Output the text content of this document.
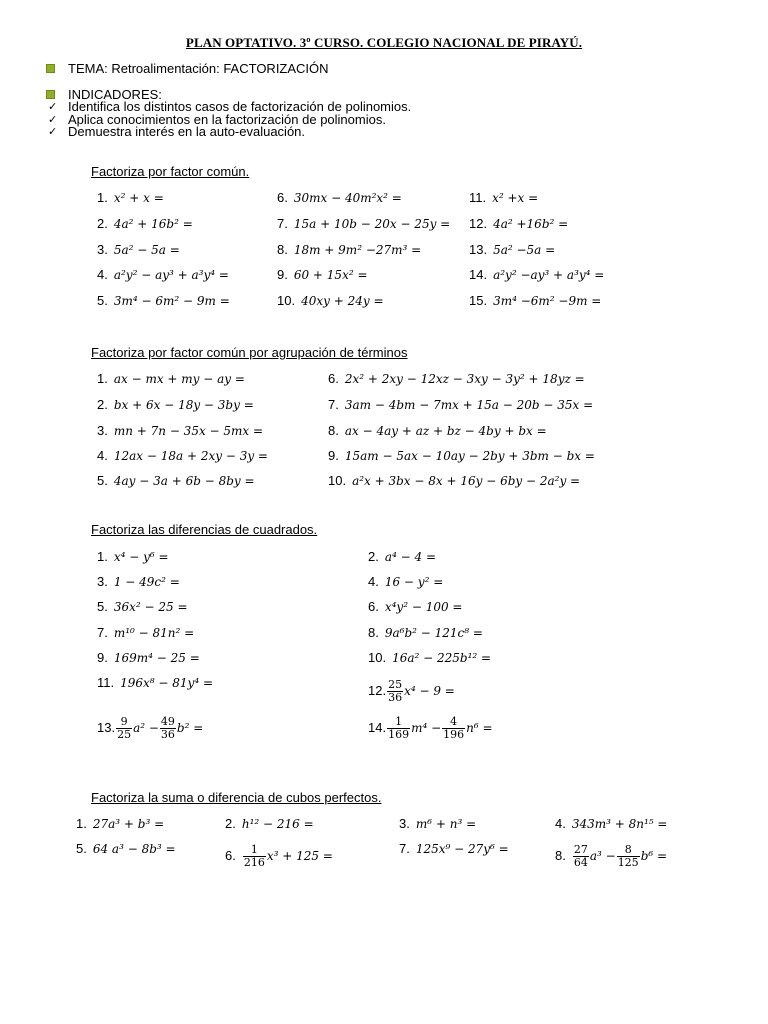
PLAN OPTATIVO. 3º CURSO. COLEGIO NACIONAL DE PIRAYÚ.
TEMA: Retroalimentación: FACTORIZACIÓN
INDICADORES:
✓ Identifica los distintos casos de factorización de polinomios.
✓ Aplica conocimientos en la factorización de polinomios.
✓ Demuestra interés en la auto-evaluación.
Factoriza por factor común.
1. x² + x =	6. 30mx − 40m²x² =	11. x² +x =
2. 4a² + 16b² =	7. 15a + 10b − 20x − 25y = 12. 4a² +16b² =
3. 5a² − 5a =	8. 18m + 9m² −27m³ =	13. 5a² −5a =
4. a²y² − ay³ + a³y⁴ =	9. 60 + 15x² =	14. a²y² −ay³ + a³y⁴ =
5. 3m⁴ − 6m² − 9m =	10. 40xy + 24y =	15. 3m⁴ −6m² −9m =
Factoriza por factor común por agrupación de términos
1. ax − mx + my − ay =	6. 2x² + 2xy − 12xz − 3xy − 3y² + 18yz =
2. bx + 6x − 18y − 3by =	7. 3am − 4bm − 7mx + 15a − 20b − 35x =
3. mn + 7n − 35x − 5mx =	8. ax − 4ay + az + bz − 4by + bx =
4. 12ax − 18a + 2xy − 3y =	9. 15am − 5ax − 10ay − 2by + 3bm − bx =
5. 4ay − 3a + 6b − 8by =	10. a²x + 3bx − 8x + 16y − 6by − 2a²y =
Factoriza las diferencias de cuadrados.
1. x⁴ − y⁶ =	2. a⁴ − 4 =
3. 1 − 49c² =	4. 16 − y² =
5. 36x² − 25 =	6. x⁴y² − 100 =
7. m¹⁰ − 81n² =	8. 9a⁶b² − 121c⁸ =
9. 169m⁴ − 25 =	10. 16a² − 225b¹² =
11. 196x⁸ − 81y⁴ =	12. $\frac{25}{36} x^4 - 9$ =
13. $\frac{9}{25} a^2 - \frac{49}{36} b^2$ =	14. $\frac{1}{169} m^4 - \frac{4}{196} n^6$ =
Factoriza la suma o diferencia de cubos perfectos.
1. 27a³ + b³ =	2. h¹² − 216 =	3. m⁶ + n³ =	4. 343m³ + 8n¹⁵ =
5. 64 a³ − 8b³ =	6. $\frac{1}{216} x^3 + 125$ =	7. 125x⁹ − 27y⁶ =	8. $\frac{27}{64} a^3 - \frac{8}{125} b^6$ =
